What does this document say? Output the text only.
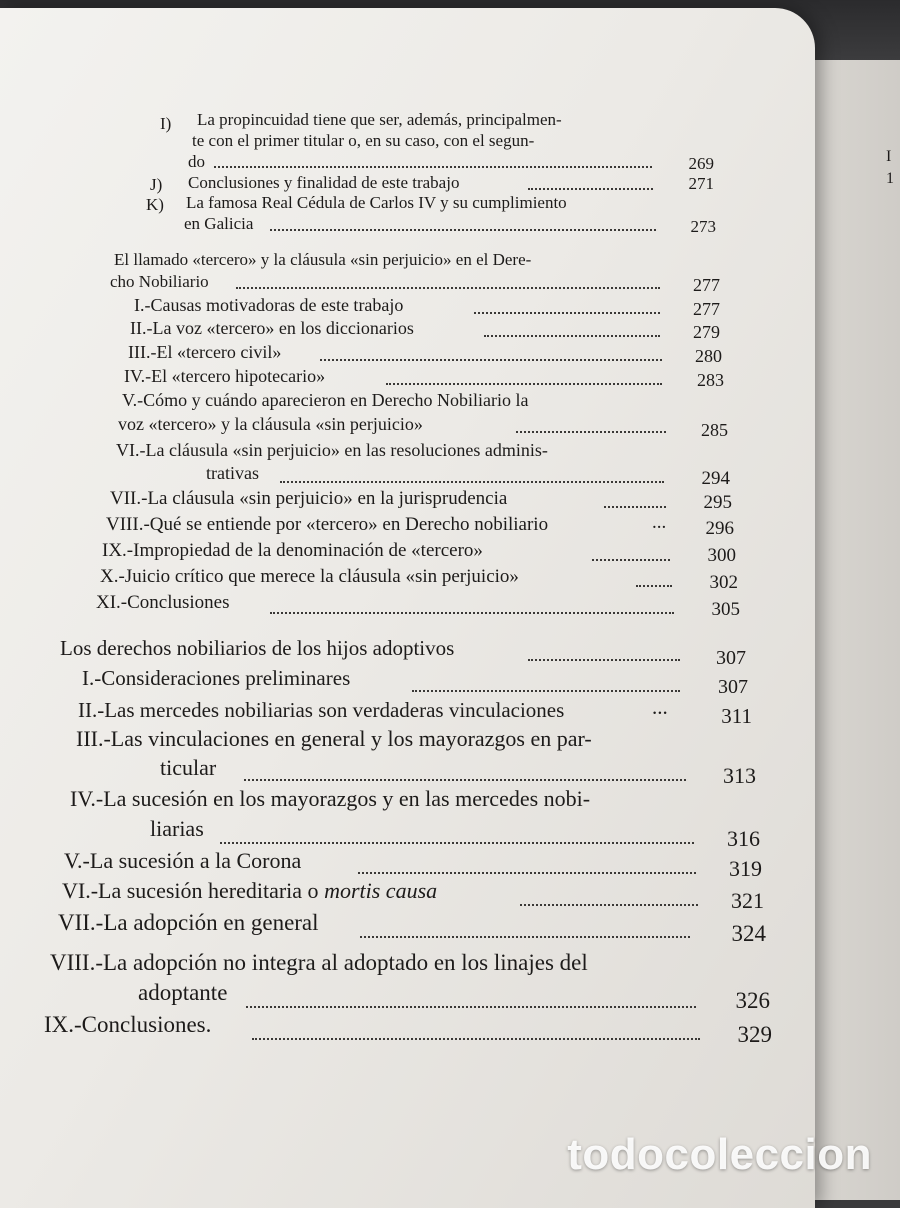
I
1
I) La propincuidad tiene que ser, además, principalmen-
te con el primer titular o, en su caso, con el segun-
do	269
J) Conclusiones y finalidad de este trabajo	271
K) La famosa Real Cédula de Carlos IV y su cumplimiento
en Galicia	273
El llamado «tercero» y la cláusula «sin perjuicio» en el Dere-
cho Nobiliario	277
I.-Causas motivadoras de este trabajo	277
II.-La voz «tercero» en los diccionarios	279
III.-El «tercero civil»	280
IV.-El «tercero hipotecario»	283
V.-Cómo y cuándo aparecieron en Derecho Nobiliario la
voz «tercero» y la cláusula «sin perjuicio»	285
VI.-La cláusula «sin perjuicio» en las resoluciones adminis-
trativas	294
VII.-La cláusula «sin perjuicio» en la jurisprudencia	295
VIII.-Qué se entiende por «tercero» en Derecho nobiliario	...	296
IX.-Impropiedad de la denominación de «tercero»	300
X.-Juicio crítico que merece la cláusula «sin perjuicio»	302
XI.-Conclusiones	305
Los derechos nobiliarios de los hijos adoptivos	307
I.-Consideraciones preliminares	307
II.-Las mercedes nobiliarias son verdaderas vinculaciones	...	311
III.-Las vinculaciones en general y los mayorazgos en par-
ticular	313
IV.-La sucesión en los mayorazgos y en las mercedes nobi-
liarias	316
V.-La sucesión a la Corona	319
VI.-La sucesión hereditaria o mortis causa	321
VII.-La adopción en general	324
VIII.-La adopción no integra al adoptado en los linajes del
adoptante	326
IX.-Conclusiones.	329
todocoleccion
